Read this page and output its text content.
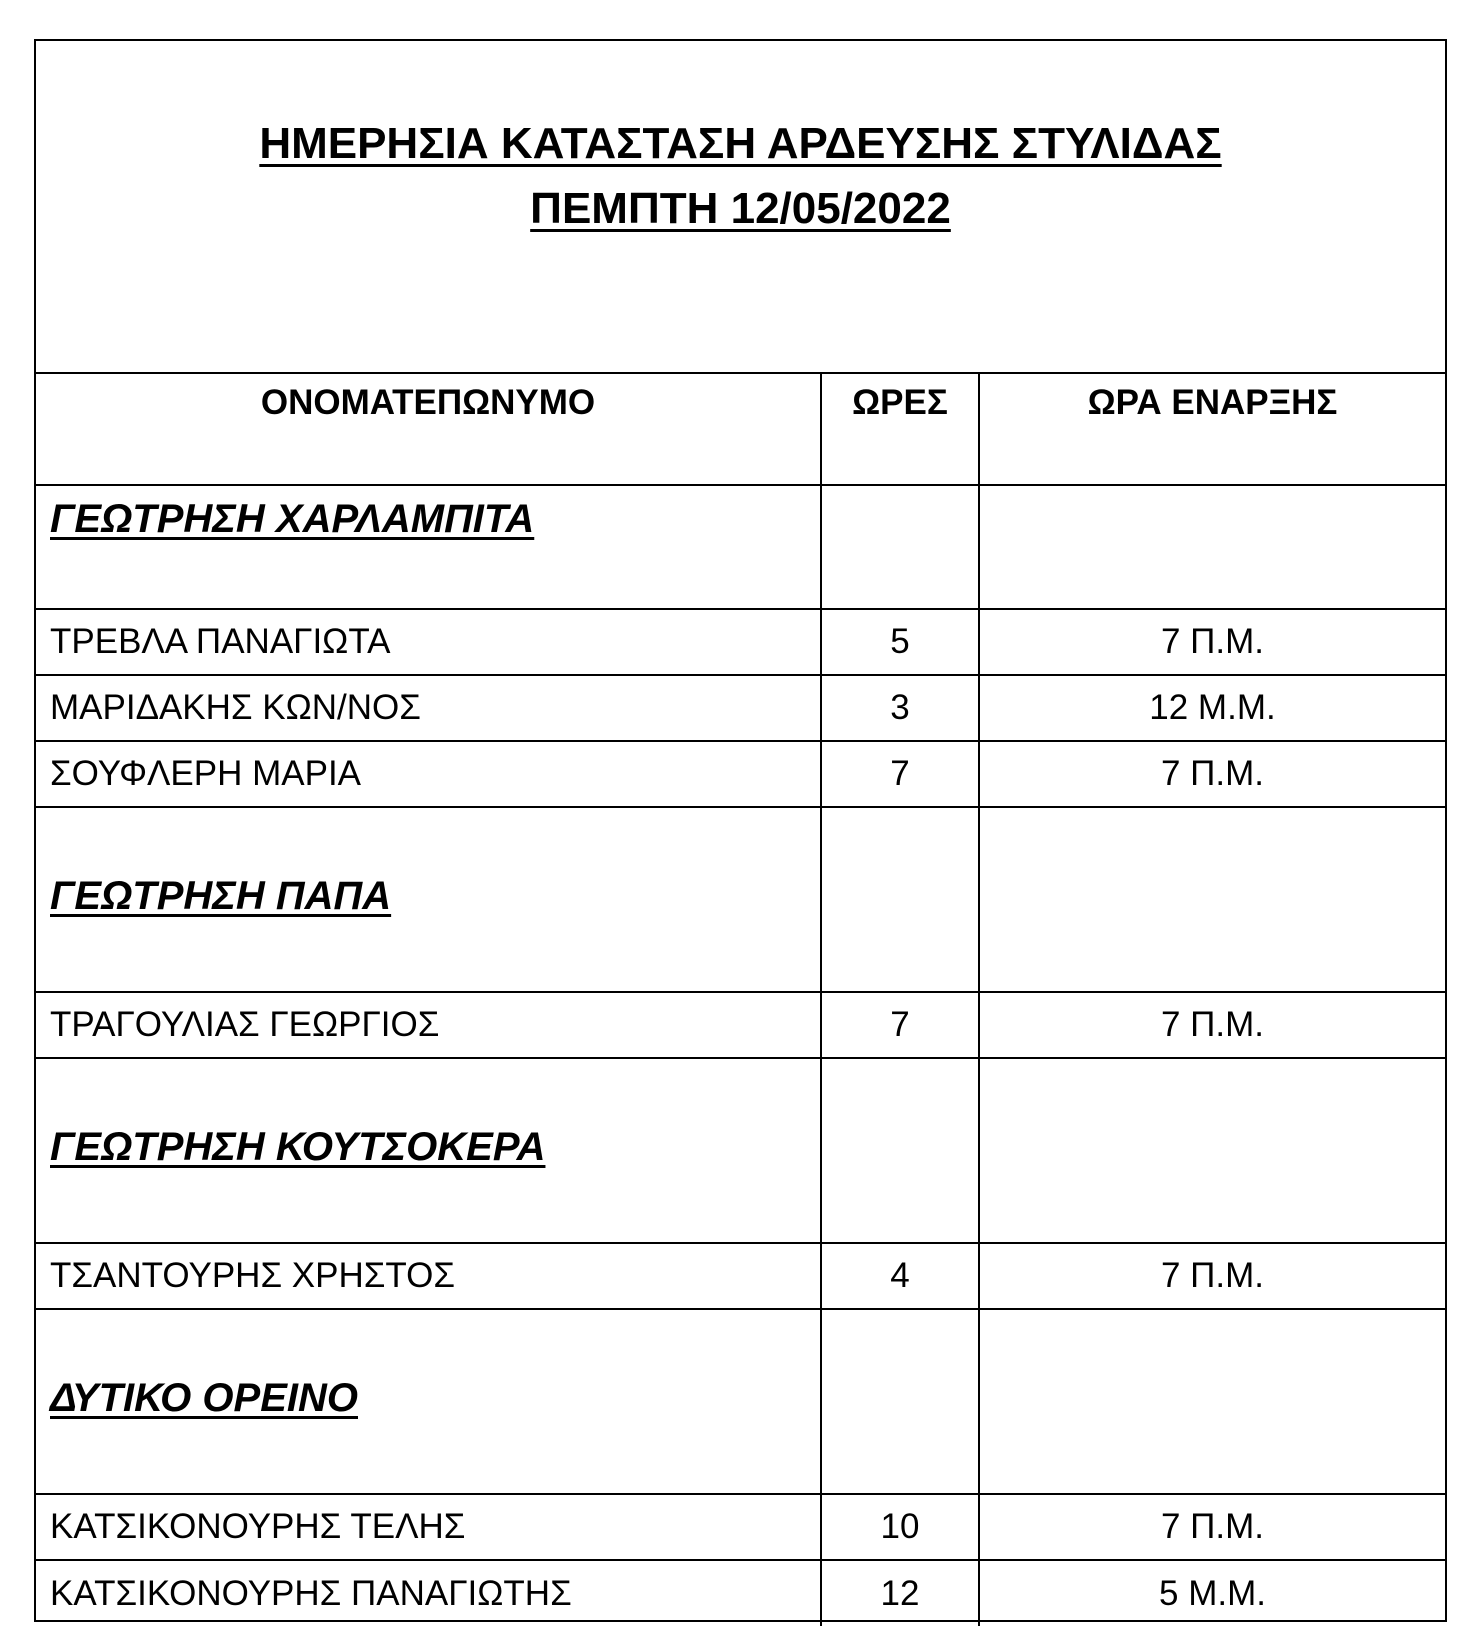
ΗΜΕΡΗΣΙΑ ΚΑΤΑΣΤΑΣΗ ΑΡΔΕΥΣΗΣ ΣΤΥΛΙΔΑΣ
ΠΕΜΠΤΗ 12/05/2022
ΟΝΟΜΑΤΕΠΩΝΥΜΟ	ΩΡΕΣ	ΩΡΑ ΕΝΑΡΞΗΣ

ΓΕΩΤΡΗΣΗ ΧΑΡΛΑΜΠΙΤΑ		

ΤΡΕΒΛΑ ΠΑΝΑΓΙΩΤΑ	5	7 Π.Μ.
ΜΑΡΙΔΑΚΗΣ ΚΩΝ/ΝΟΣ	3	12 Μ.Μ.
ΣΟΥΦΛΕΡΗ ΜΑΡΙΑ	7	7 Π.Μ.

ΓΕΩΤΡΗΣΗ ΠΑΠΑ		

ΤΡΑΓΟΥΛΙΑΣ ΓΕΩΡΓΙΟΣ	7	7 Π.Μ.

ΓΕΩΤΡΗΣΗ ΚΟΥΤΣΟΚΕΡΑ		

ΤΣΑΝΤΟΥΡΗΣ ΧΡΗΣΤΟΣ	4	7 Π.Μ.

ΔΥΤΙΚΟ ΟΡΕΙΝΟ		

ΚΑΤΣΙΚΟΝΟΥΡΗΣ ΤΕΛΗΣ	10	7 Π.Μ.
ΚΑΤΣΙΚΟΝΟΥΡΗΣ ΠΑΝΑΓΙΩΤΗΣ	12	5 Μ.Μ.
